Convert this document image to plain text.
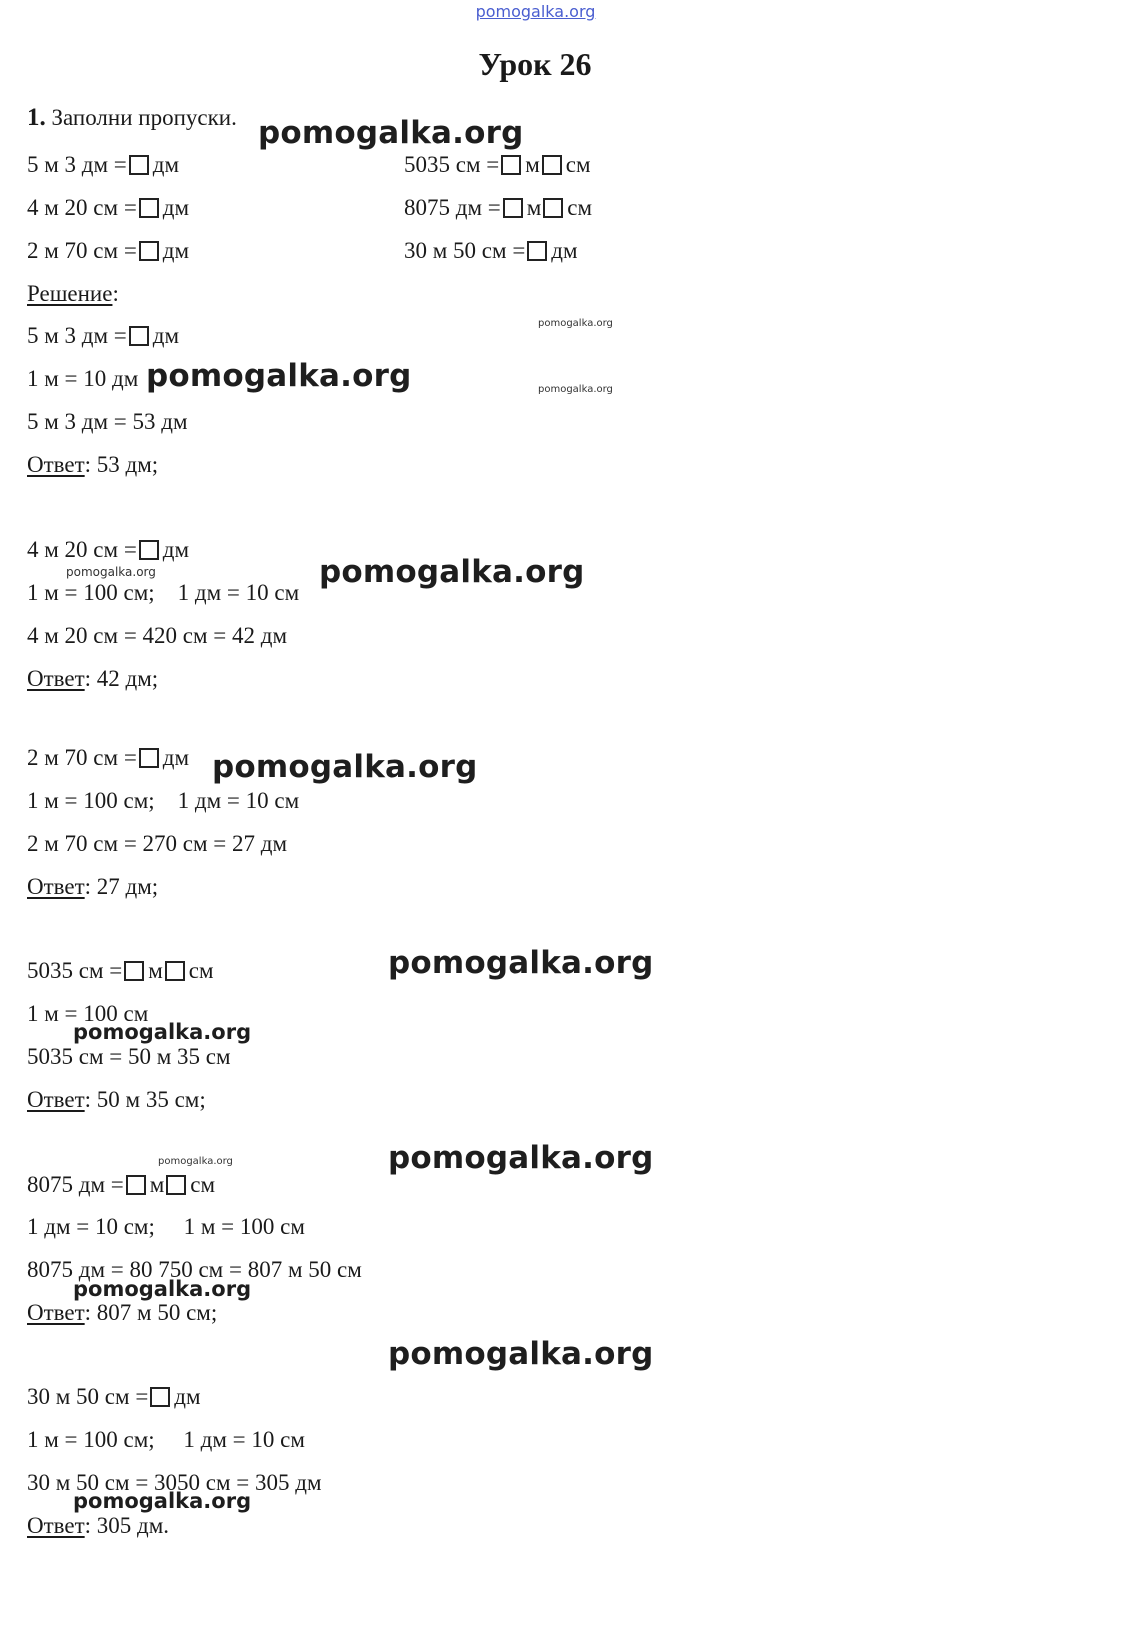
pomogalka.org
Урок 26
1. Заполни пропуски.
5 м 3 дм = дм
4 м 20 см = дм
2 м 70 см = дм
5035 см = м см
8075 дм = м см
30 м 50 см = дм
Решение:
5 м 3 дм = дм
1 м = 10 дм
5 м 3 дм = 53 дм
Ответ: 53 дм;
4 м 20 см = дм
1 м = 100 см;    1 дм = 10 см
4 м 20 см = 420 см = 42 дм
Ответ: 42 дм;
2 м 70 см = дм
1 м = 100 см;    1 дм = 10 см
2 м 70 см = 270 см = 27 дм
Ответ: 27 дм;
5035 см = м см
1 м = 100 см
5035 см = 50 м 35 см
Ответ: 50 м 35 см;
8075 дм = м см
1 дм = 10 см;     1 м = 100 см
8075 дм = 80 750 см = 807 м 50 см
Ответ: 807 м 50 см;
30 м 50 см = дм
1 м = 100 см;     1 дм = 10 см
30 м 50 см = 3050 см = 305 дм
Ответ: 305 дм.
pomogalka.org
pomogalka.org
pomogalka.org
pomogalka.org
pomogalka.org
pomogalka.org
pomogalka.org
pomogalka.org
pomogalka.org
pomogalka.org
pomogalka.org
pomogalka.org
pomogalka.org
pomogalka.org
